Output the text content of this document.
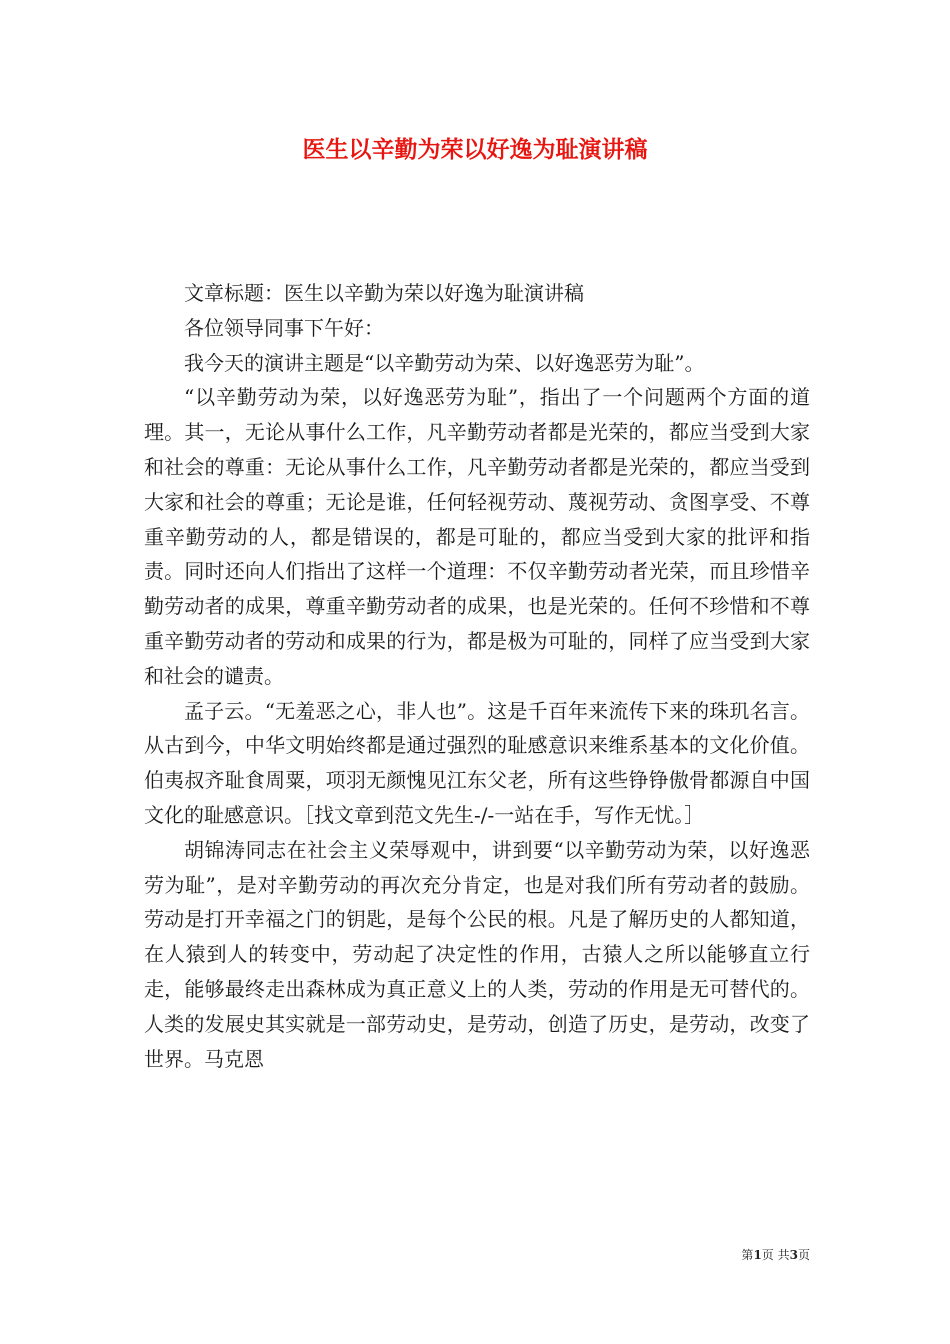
医生以辛勤为荣以好逸为耻演讲稿

文章标题：医生以辛勤为荣以好逸为耻演讲稿

各位领导同事下午好：

我今天的演讲主题是“以辛勤劳动为荣、以好逸恶劳为耻”。

“以辛勤劳动为荣，以好逸恶劳为耻”，指出了一个问题两个方面的道理。其一，无论从事什么工作，凡辛勤劳动者都是光荣的，都应当受到大家和社会的尊重：无论从事什么工作，凡辛勤劳动者都是光荣的，都应当受到大家和社会的尊重；无论是谁，任何轻视劳动、蔑视劳动、贪图享受、不尊重辛勤劳动的人，都是错误的，都是可耻的，都应当受到大家的批评和指责。同时还向人们指出了这样一个道理：不仅辛勤劳动者光荣，而且珍惜辛勤劳动者的成果，尊重辛勤劳动者的成果，也是光荣的。任何不珍惜和不尊重辛勤劳动者的劳动和成果的行为，都是极为可耻的，同样了应当受到大家和社会的谴责。

孟子云。“无羞恶之心，非人也”。这是千百年来流传下来的珠玑名言。从古到今，中华文明始终都是通过强烈的耻感意识来维系基本的文化价值。伯夷叔齐耻食周粟，项羽无颜愧见江东父老，所有这些铮铮傲骨都源自中国文化的耻感意识。［找文章到范文先生-/-一站在手，写作无忧。］

胡锦涛同志在社会主义荣辱观中，讲到要“以辛勤劳动为荣，以好逸恶劳为耻”，是对辛勤劳动的再次充分肯定，也是对我们所有劳动者的鼓励。劳动是打开幸福之门的钥匙，是每个公民的根。凡是了解历史的人都知道，在人猿到人的转变中，劳动起了决定性的作用，古猿人之所以能够直立行走，能够最终走出森林成为真正意义上的人类，劳动的作用是无可替代的。人类的发展史其实就是一部劳动史，是劳动，创造了历史，是劳动，改变了世界。马克恩

第1页 共3页
